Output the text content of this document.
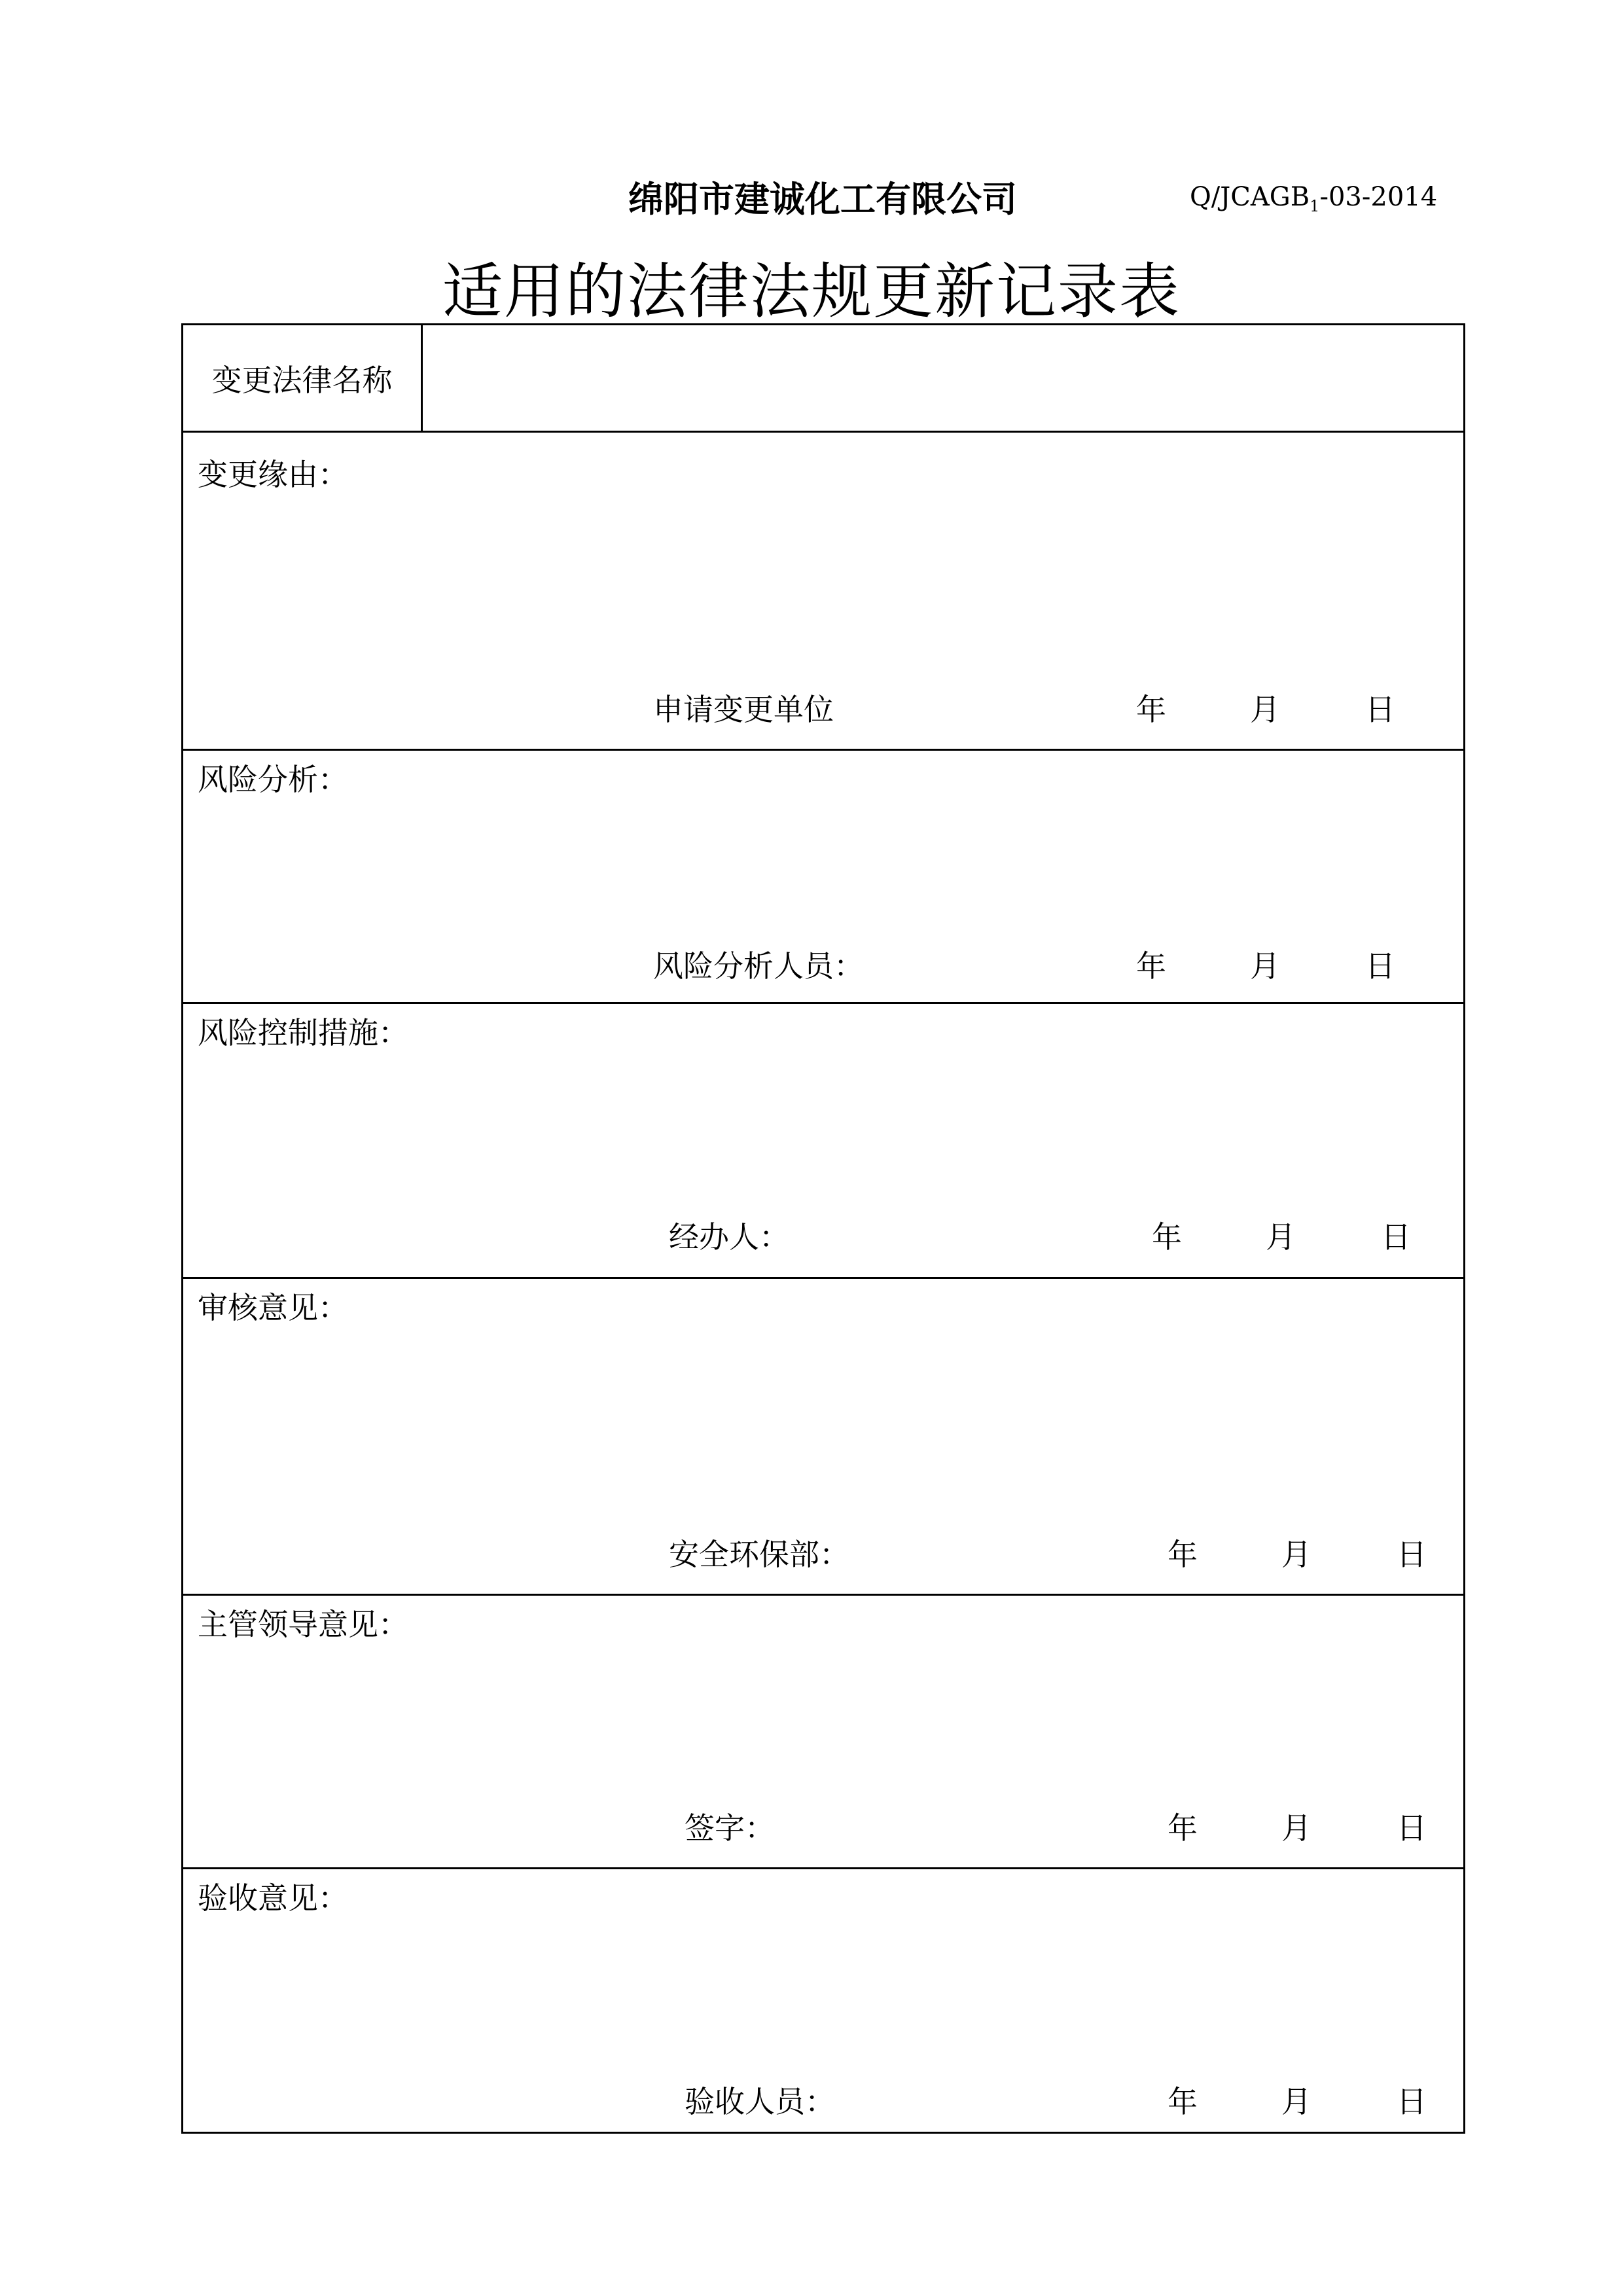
绵阳市建诚化工有限公司	$Q/JCAGB_1-03-2014$
适用的法律法规更新记录表
变更法律名称
变更缘由：
申请变更单位	年	月	日
风险分析：
风险分析人员：	年	月	日
风险控制措施：
经办人：	年	月	日
审核意见：
安全环保部：	年	月	日
主管领导意见：
签字：	年	月	日
验收意见：
验收人员：	年	月	日
